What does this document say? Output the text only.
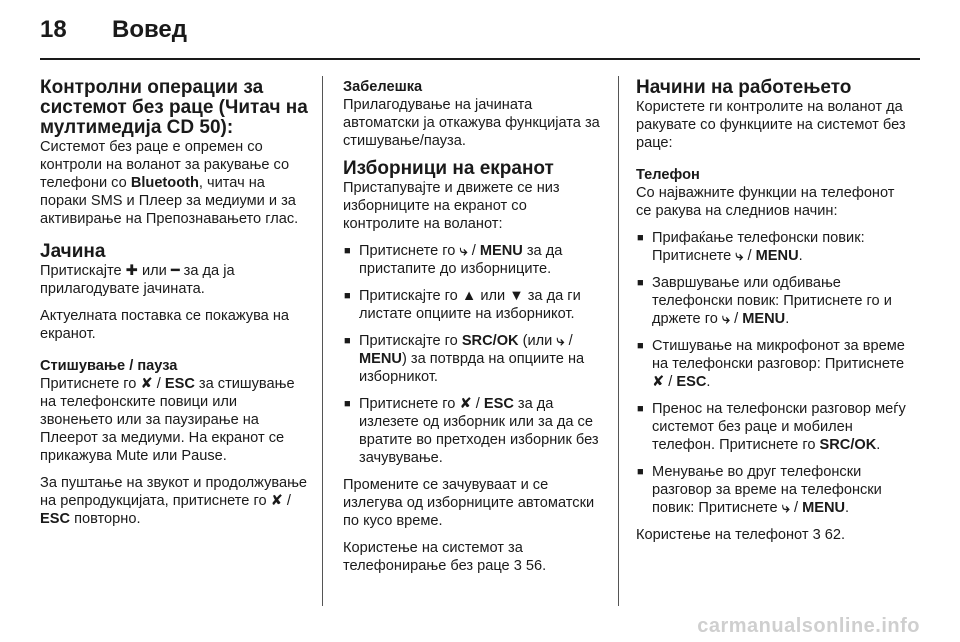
18	Вовед
Контролни операции за системот без раце (Читач на мултимедија CD 50):

Системот без раце е опремен со контроли на воланот за ракување со телефони со Bluetooth, читач на пораки SMS и Плеер за медиуми и за активирање на Препознавањето глас.

Јачина

Притискајте ✚ или ━ за да ја прилагодувате јачината.

Актуелната поставка се покажува на екранот.

Стишување / пауза

Притиснете го ✘ / ESC за стишување на телефонските повици или звонењето или за паузирање на Плеерот за медиуми. На екранот се прикажува Mute или Pause.

За пуштање на звукот и продолжување на репродукцијата, притиснете го ✘ / ESC повторно.

Забелешка

Прилагодување на јачината автоматски ја откажува функцијата за стишување/пауза.

Изборници на екранот

Пристапувајте и движете се низ изборниците на екранот со контролите на воланот:

■ Притиснете го ⤷ / MENU за да пристапите до изборниците.
■ Притискајте го ▲ или ▼ за да ги листате опциите на изборникот.
■ Притискајте го SRC/OK (или ⤷ / MENU) за потврда на опциите на изборникот.
■ Притиснете го ✘ / ESC за да излезете од изборник или за да се вратите во претходен изборник без зачувување.

Промените се зачувуваат и се излегува од изборниците автоматски по кусо време.

Користење на системот за телефонирање без раце 3 56.

Начини на работењето

Користете ги контролите на воланот да ракувате со функциите на системот без раце:

Телефон

Со најважните функции на телефонот се ракува на следниов начин:

■ Прифаќање телефонски повик: Притиснете ⤷ / MENU.
■ Завршување или одбивање телефонски повик: Притиснете го и држете го ⤷ / MENU.
■ Стишување на микрофонот за време на телефонски разговор: Притиснете ✘ / ESC.
■ Пренос на телефонски разговор меѓу системот без раце и мобилен телефон. Притиснете го SRC/OK.
■ Менување во друг телефонски разговор за време на телефонски повик: Притиснете ⤷ / MENU.

Користење на телефонот 3 62.

carmanualsonline.info
